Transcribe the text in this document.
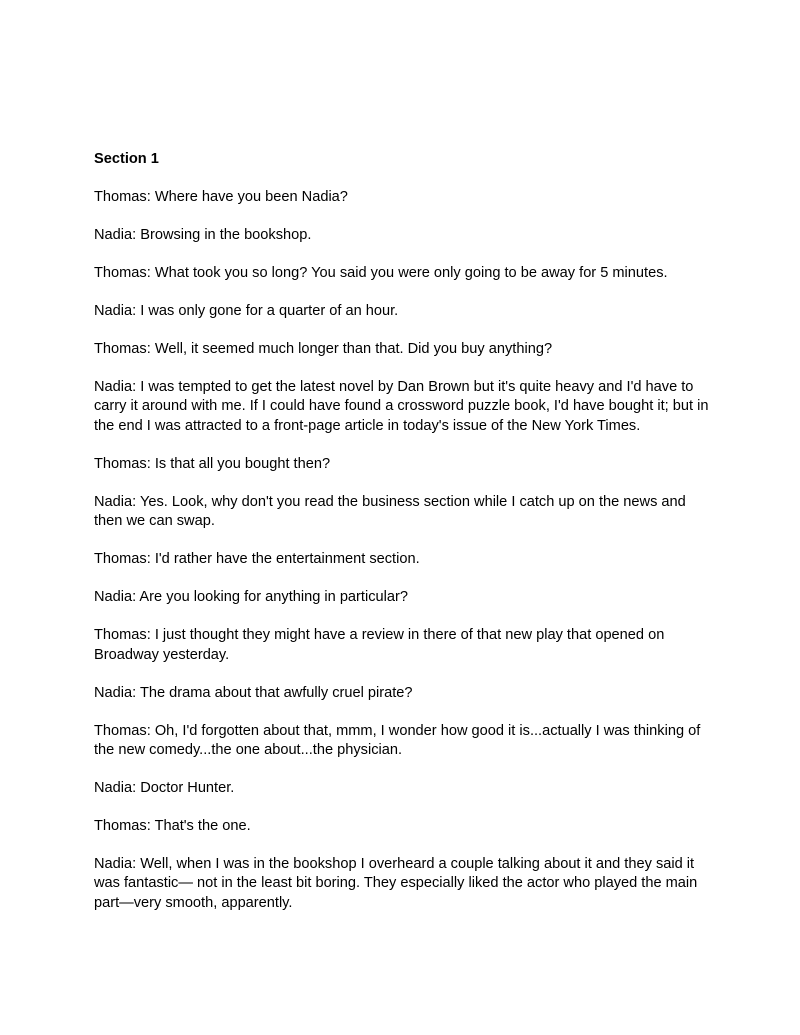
Section 1

Thomas: Where have you been Nadia?

Nadia: Browsing in the bookshop.

Thomas: What took you so long? You said you were only going to be away for 5 minutes.

Nadia: I was only gone for a quarter of an hour.

Thomas: Well, it seemed much longer than that. Did you buy anything?

Nadia: I was tempted to get the latest novel by Dan Brown but it's quite heavy and I'd have to carry it around with me. If I could have found a crossword puzzle book, I'd have bought it; but in the end I was attracted to a front-page article in today's issue of the New York Times.

Thomas: Is that all you bought then?

Nadia: Yes. Look, why don't you read the business section while I catch up on the news and then we can swap.

Thomas: I'd rather have the entertainment section.

Nadia: Are you looking for anything in particular?

Thomas: I just thought they might have a review in there of that new play that opened on Broadway yesterday.

Nadia: The drama about that awfully cruel pirate?

Thomas: Oh, I'd forgotten about that, mmm, I wonder how good it is...actually I was thinking of the new comedy...the one about...the physician.

Nadia: Doctor Hunter.

Thomas: That's the one.

Nadia: Well, when I was in the bookshop I overheard a couple talking about it and they said it was fantastic— not in the least bit boring. They especially liked the actor who played the main part—very smooth, apparently.
